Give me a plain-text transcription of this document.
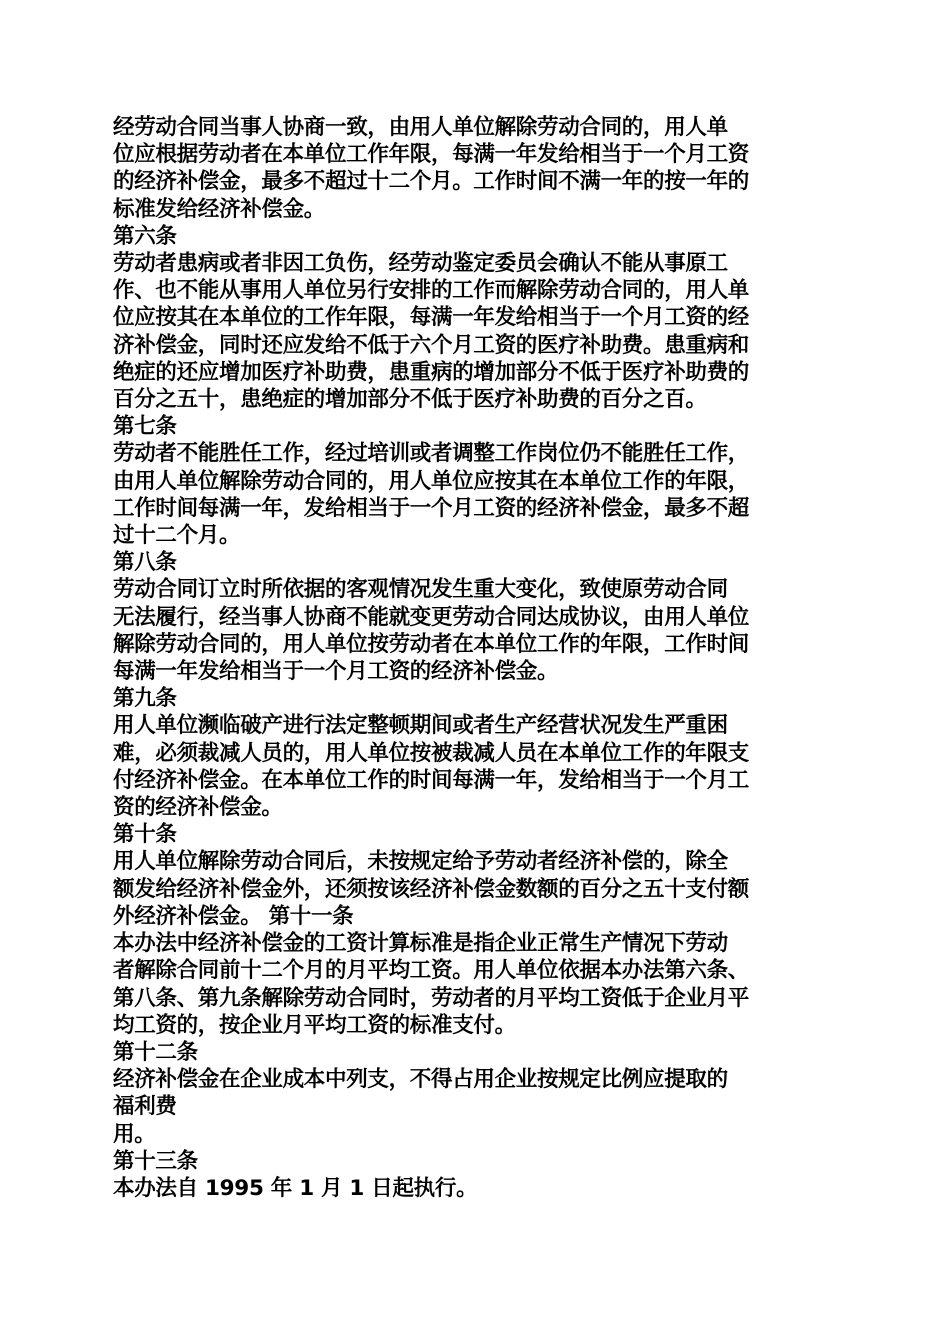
经劳动合同当事人协商一致，由用人单位解除劳动合同的，用人单
位应根据劳动者在本单位工作年限，每满一年发给相当于一个月工资
的经济补偿金，最多不超过十二个月。工作时间不满一年的按一年的
标准发给经济补偿金。
第六条
劳动者患病或者非因工负伤，经劳动鉴定委员会确认不能从事原工
作、也不能从事用人单位另行安排的工作而解除劳动合同的，用人单
位应按其在本单位的工作年限，每满一年发给相当于一个月工资的经
济补偿金，同时还应发给不低于六个月工资的医疗补助费。患重病和
绝症的还应增加医疗补助费，患重病的增加部分不低于医疗补助费的
百分之五十，患绝症的增加部分不低于医疗补助费的百分之百。
第七条
劳动者不能胜任工作，经过培训或者调整工作岗位仍不能胜任工作，
由用人单位解除劳动合同的，用人单位应按其在本单位工作的年限，
工作时间每满一年，发给相当于一个月工资的经济补偿金，最多不超
过十二个月。
第八条
劳动合同订立时所依据的客观情况发生重大变化，致使原劳动合同
无法履行，经当事人协商不能就变更劳动合同达成协议，由用人单位
解除劳动合同的，用人单位按劳动者在本单位工作的年限，工作时间
每满一年发给相当于一个月工资的经济补偿金。
第九条
用人单位濒临破产进行法定整顿期间或者生产经营状况发生严重困
难，必须裁减人员的，用人单位按被裁减人员在本单位工作的年限支
付经济补偿金。在本单位工作的时间每满一年，发给相当于一个月工
资的经济补偿金。
第十条
用人单位解除劳动合同后，未按规定给予劳动者经济补偿的，除全
额发给经济补偿金外，还须按该经济补偿金数额的百分之五十支付额
外经济补偿金。 第十一条
本办法中经济补偿金的工资计算标准是指企业正常生产情况下劳动
者解除合同前十二个月的月平均工资。用人单位依据本办法第六条、
第八条、第九条解除劳动合同时，劳动者的月平均工资低于企业月平
均工资的，按企业月平均工资的标准支付。
第十二条
经济补偿金在企业成本中列支，不得占用企业按规定比例应提取的
福利费
用。
第十三条
本办法自 1995 年 1 月 1 日起执行。
